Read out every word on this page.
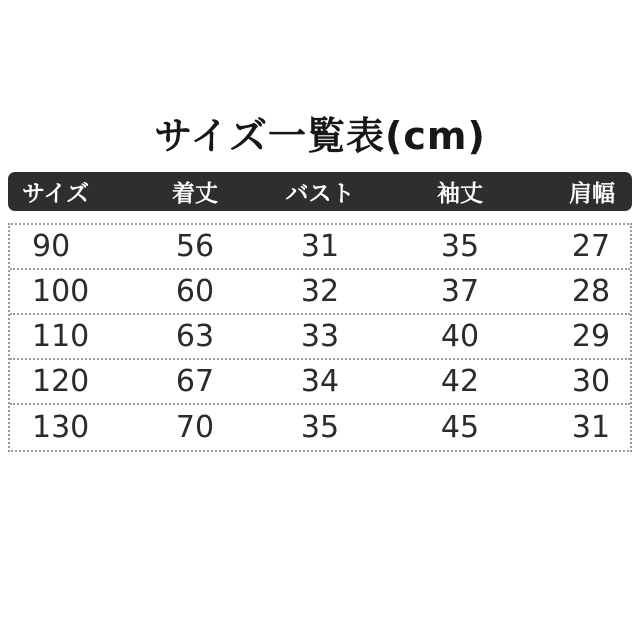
サイズ一覧表(cm)
サイズ	着丈	バスト	袖丈	肩幅
90	56	31	35	27
100	60	32	37	28
110	63	33	40	29
120	67	34	42	30
130	70	35	45	31
